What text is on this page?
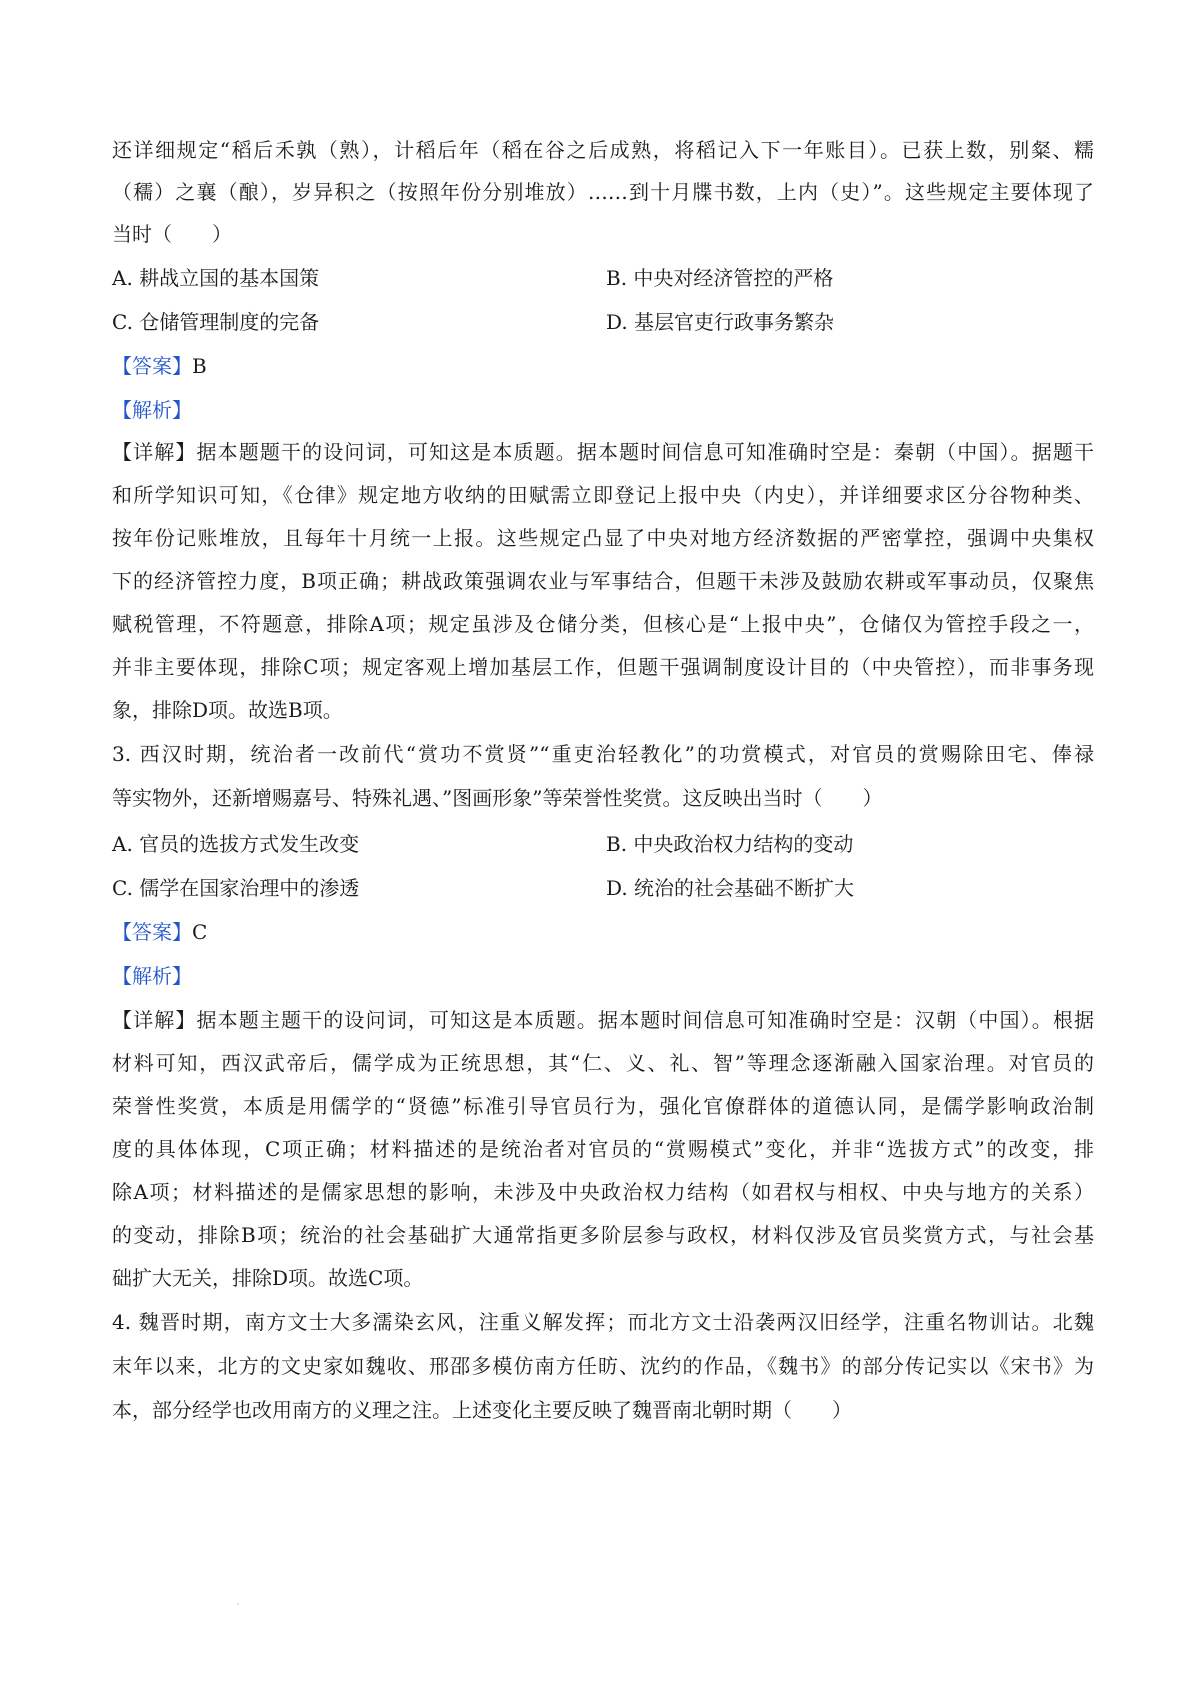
还详细规定“稻后禾孰（熟），计稻后年（稻在谷之后成熟，将稻记入下一年账目）。已获上数，别粲、糯
（穤）之襄（酿），岁异积之（按照年份分别堆放）……到十月牒书数，上内（史）”。这些规定主要体现了
当时（　　）
A. 耕战立国的基本国策	B. 中央对经济管控的严格
C. 仓储管理制度的完备	D. 基层官吏行政事务繁杂
【答案】B
【解析】
【详解】据本题题干的设问词，可知这是本质题。据本题时间信息可知准确时空是：秦朝（中国）。据题干
和所学知识可知，《仓律》规定地方收纳的田赋需立即登记上报中央（内史），并详细要求区分谷物种类、
按年份记账堆放，且每年十月统一上报。这些规定凸显了中央对地方经济数据的严密掌控，强调中央集权
下的经济管控力度，B项正确；耕战政策强调农业与军事结合，但题干未涉及鼓励农耕或军事动员，仅聚焦
赋税管理，不符题意，排除A项；规定虽涉及仓储分类，但核心是“上报中央”，仓储仅为管控手段之一，
并非主要体现，排除C项；规定客观上增加基层工作，但题干强调制度设计目的（中央管控），而非事务现
象，排除D项。故选B项。
3. 西汉时期，统治者一改前代“赏功不赏贤”“重吏治轻教化”的功赏模式，对官员的赏赐除田宅、俸禄
等实物外，还新增赐嘉号、特殊礼遇、”图画形象”等荣誉性奖赏。这反映出当时（　　）
A. 官员的选拔方式发生改变	B. 中央政治权力结构的变动
C. 儒学在国家治理中的渗透	D. 统治的社会基础不断扩大
【答案】C
【解析】
【详解】据本题主题干的设问词，可知这是本质题。据本题时间信息可知准确时空是：汉朝（中国）。根据
材料可知，西汉武帝后，儒学成为正统思想，其“仁、义、礼、智”等理念逐渐融入国家治理。对官员的
荣誉性奖赏，本质是用儒学的“贤德”标准引导官员行为，强化官僚群体的道德认同，是儒学影响政治制
度的具体体现，C项正确；材料描述的是统治者对官员的“赏赐模式”变化，并非“选拔方式”的改变，排
除A项；材料描述的是儒家思想的影响，未涉及中央政治权力结构（如君权与相权、中央与地方的关系）
的变动，排除B项；统治的社会基础扩大通常指更多阶层参与政权，材料仅涉及官员奖赏方式，与社会基
础扩大无关，排除D项。故选C项。
4. 魏晋时期，南方文士大多濡染玄风，注重义解发挥；而北方文士沿袭两汉旧经学，注重名物训诂。北魏
末年以来，北方的文史家如魏收、邢邵多模仿南方任昉、沈约的作品，《魏书》的部分传记实以《宋书》为
本，部分经学也改用南方的义理之注。上述变化主要反映了魏晋南北朝时期（　　）
